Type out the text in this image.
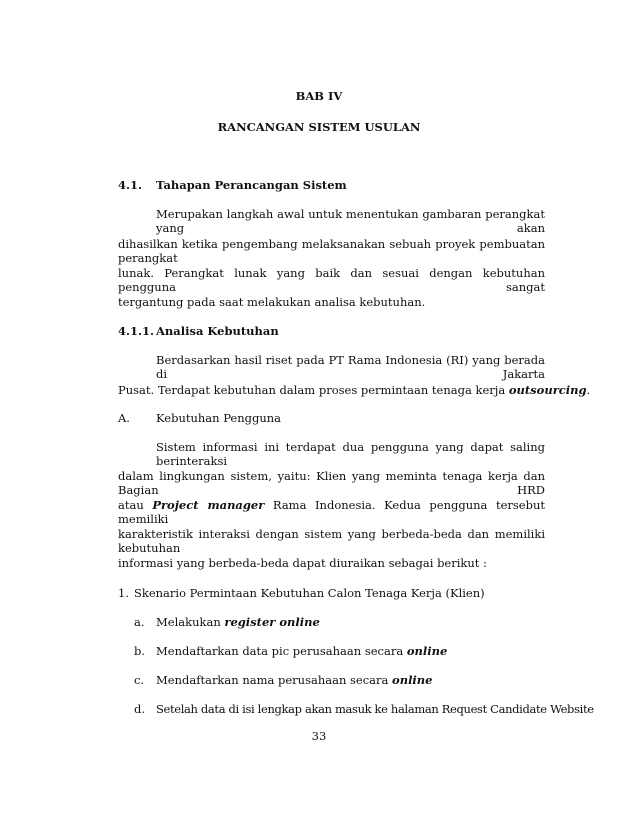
BAB IV
RANCANGAN SISTEM USULAN
4.1. Tahapan Perancangan Sistem
Merupakan langkah awal untuk menentukan gambaran perangkat yang akan
dihasilkan ketika pengembang melaksanakan sebuah proyek pembuatan perangkat
lunak. Perangkat lunak yang baik dan sesuai dengan kebutuhan pengguna sangat
tergantung pada saat melakukan analisa kebutuhan.
4.1.1. Analisa Kebutuhan
Berdasarkan hasil riset pada PT Rama Indonesia (RI) yang berada di Jakarta
Pusat. Terdapat kebutuhan dalam proses permintaan tenaga kerja outsourcing.
A. Kebutuhan Pengguna
Sistem informasi ini terdapat dua pengguna yang dapat saling berinteraksi
dalam lingkungan sistem, yaitu: Klien yang meminta tenaga kerja dan Bagian HRD
atau Project manager Rama Indonesia. Kedua pengguna tersebut memiliki
karakteristik interaksi dengan sistem yang berbeda-beda dan memiliki kebutuhan
informasi yang berbeda-beda dapat diuraikan sebagai berikut :
1. Skenario Permintaan Kebutuhan Calon Tenaga Kerja (Klien)
a. Melakukan register online
b. Mendaftarkan data pic perusahaan secara online
c. Mendaftarkan nama perusahaan secara online
d. Setelah data di isi lengkap akan masuk ke halaman Request Candidate Website
33
